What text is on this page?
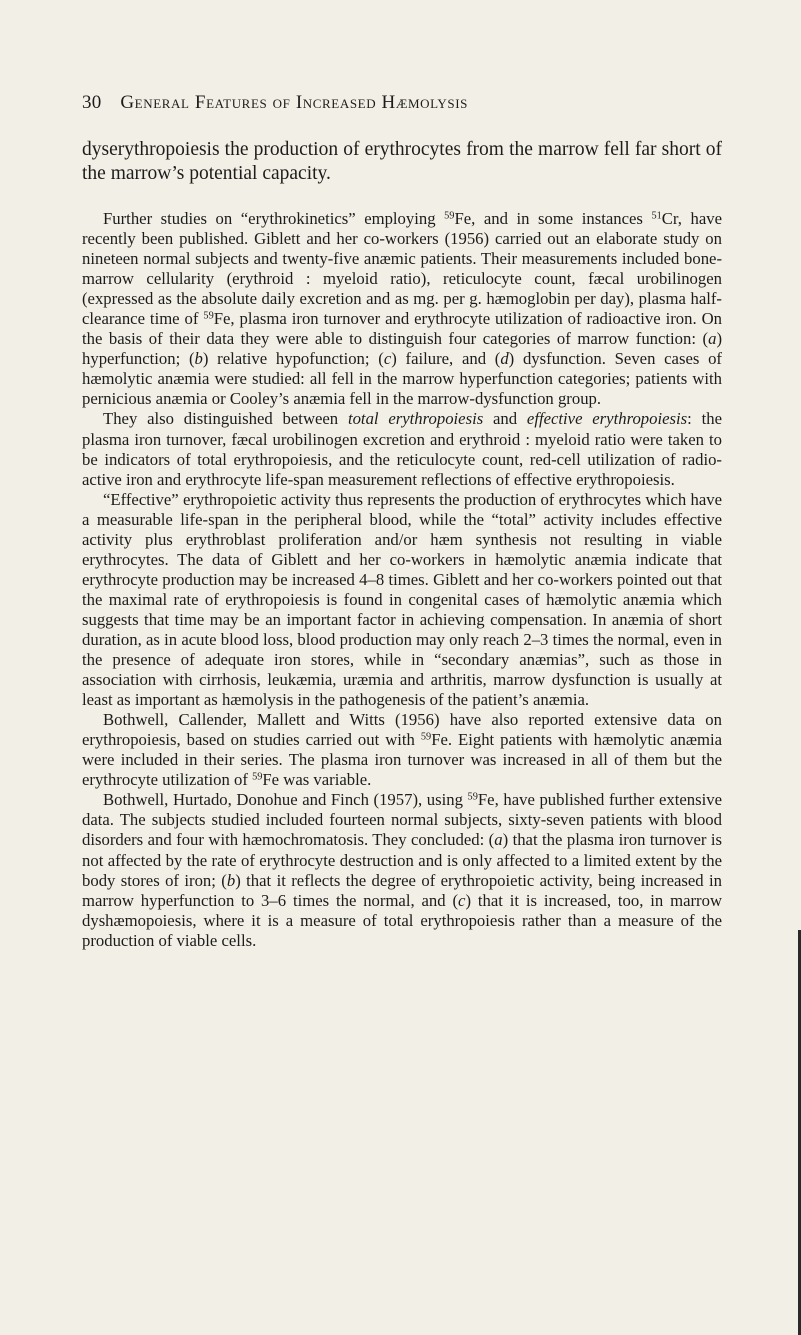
30 General Features of Increased Hæmolysis

dyserythropoiesis the production of erythrocytes from the marrow fell far short of the marrow’s potential capacity.

Further studies on “erythrokinetics” employing $^{59}$Fe, and in some instances $^{51}$Cr, have recently been published. Giblett and her co-workers (1956) carried out an elaborate study on nineteen normal subjects and twenty-five anæmic patients. Their measurements included bone-marrow cellularity (erythroid : myeloid ratio), reticulocyte count, fæcal urobilinogen (expressed as the absolute daily excretion and as mg. per g. hæmoglobin per day), plasma half-clearance time of $^{59}$Fe, plasma iron turnover and erythrocyte utilization of radioactive iron. On the basis of their data they were able to distinguish four categories of marrow function: (a) hyperfunction; (b) relative hypofunction; (c) failure, and (d) dysfunction. Seven cases of hæmolytic anæmia were studied: all fell in the marrow hyperfunction categories; patients with pernicious anæmia or Cooley’s anæmia fell in the marrow-dysfunction group.

They also distinguished between total erythropoiesis and effective erythropoiesis: the plasma iron turnover, fæcal urobilinogen excretion and erythroid : myeloid ratio were taken to be indicators of total erythropoiesis, and the reticulocyte count, red-cell utilization of radio-active iron and erythrocyte life-span measurement reflections of effective erythropoiesis.

“Effective” erythropoietic activity thus represents the production of erythrocytes which have a measurable life-span in the peripheral blood, while the “total” activity includes effective activity plus erythroblast proliferation and/or hæm synthesis not resulting in viable erythrocytes. The data of Giblett and her co-workers in hæmolytic anæmia indicate that erythrocyte production may be increased 4–8 times. Giblett and her co-workers pointed out that the maximal rate of erythropoiesis is found in congenital cases of hæmolytic anæmia which suggests that time may be an important factor in achieving compensation. In anæmia of short duration, as in acute blood loss, blood production may only reach 2–3 times the normal, even in the presence of adequate iron stores, while in “secondary anæmias”, such as those in association with cirrhosis, leukæmia, uræmia and arthritis, marrow dysfunction is usually at least as important as hæmolysis in the pathogenesis of the patient’s anæmia.

Bothwell, Callender, Mallett and Witts (1956) have also reported extensive data on erythropoiesis, based on studies carried out with $^{59}$Fe. Eight patients with hæmolytic anæmia were included in their series. The plasma iron turnover was increased in all of them but the erythrocyte utilization of $^{59}$Fe was variable.

Bothwell, Hurtado, Donohue and Finch (1957), using $^{59}$Fe, have published further extensive data. The subjects studied included fourteen normal subjects, sixty-seven patients with blood disorders and four with hæmochromatosis. They concluded: (a) that the plasma iron turnover is not affected by the rate of erythrocyte destruction and is only affected to a limited extent by the body stores of iron; (b) that it reflects the degree of erythropoietic activity, being increased in marrow hyperfunction to 3–6 times the normal, and (c) that it is increased, too, in marrow dyshæmopoiesis, where it is a measure of total erythropoiesis rather than a measure of the production of viable cells.
